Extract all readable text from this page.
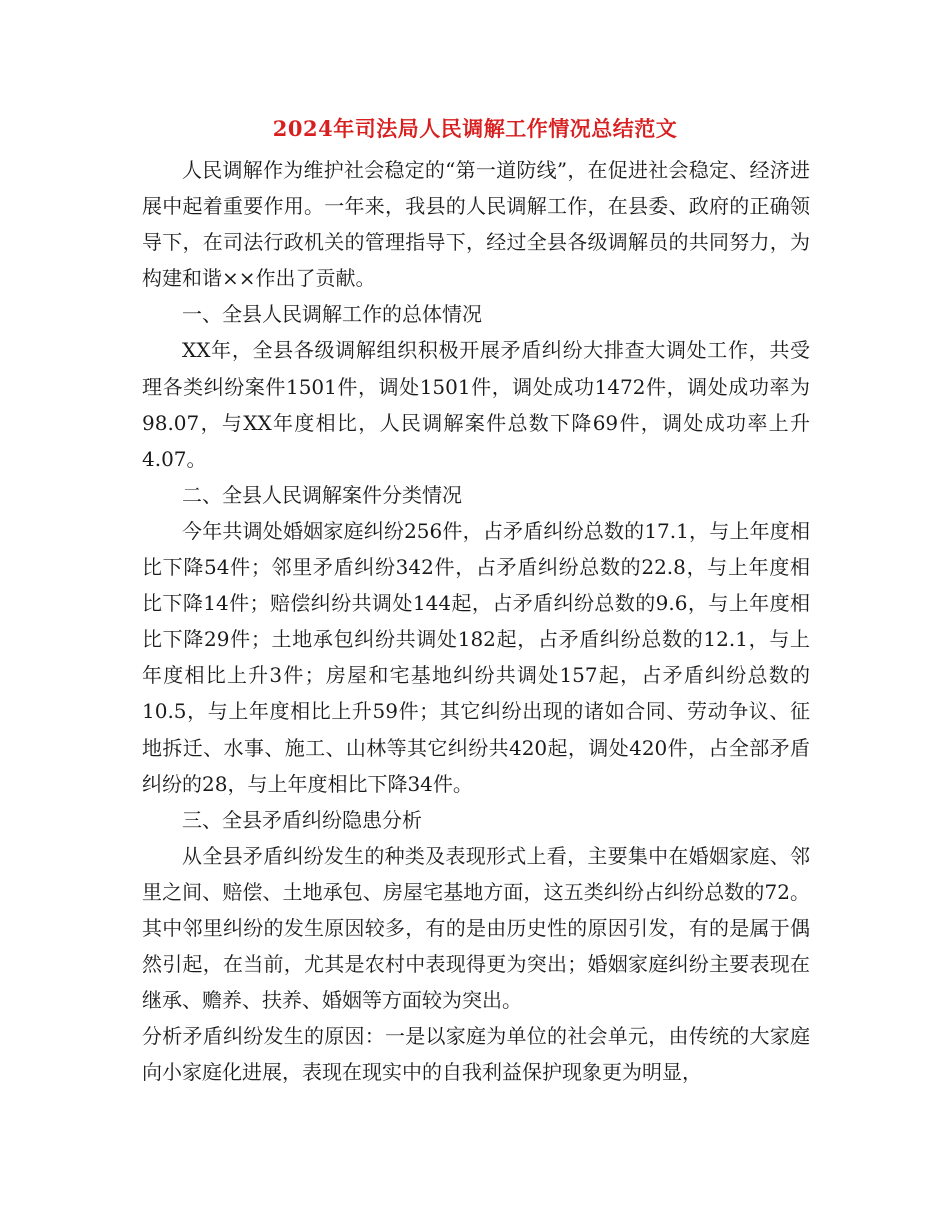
2024年司法局人民调解工作情况总结范文

人民调解作为维护社会稳定的“第一道防线”，在促进社会稳定、经济进展中起着重要作用。一年来，我县的人民调解工作，在县委、政府的正确领导下，在司法行政机关的管理指导下，经过全县各级调解员的共同努力，为构建和谐××作出了贡献。

一、全县人民调解工作的总体情况

XX年，全县各级调解组织积极开展矛盾纠纷大排查大调处工作，共受理各类纠纷案件1501件，调处1501件，调处成功1472件，调处成功率为98.07，与XX年度相比，人民调解案件总数下降69件，调处成功率上升4.07。

二、全县人民调解案件分类情况

今年共调处婚姻家庭纠纷256件，占矛盾纠纷总数的17.1，与上年度相比下降54件；邻里矛盾纠纷342件，占矛盾纠纷总数的22.8，与上年度相比下降14件；赔偿纠纷共调处144起，占矛盾纠纷总数的9.6，与上年度相比下降29件；土地承包纠纷共调处182起，占矛盾纠纷总数的12.1，与上年度相比上升3件；房屋和宅基地纠纷共调处157起，占矛盾纠纷总数的10.5，与上年度相比上升59件；其它纠纷出现的诸如合同、劳动争议、征地拆迁、水事、施工、山林等其它纠纷共420起，调处420件，占全部矛盾纠纷的28，与上年度相比下降34件。

三、全县矛盾纠纷隐患分析

从全县矛盾纠纷发生的种类及表现形式上看，主要集中在婚姻家庭、邻里之间、赔偿、土地承包、房屋宅基地方面，这五类纠纷占纠纷总数的72。其中邻里纠纷的发生原因较多，有的是由历史性的原因引发，有的是属于偶然引起，在当前，尤其是农村中表现得更为突出；婚姻家庭纠纷主要表现在继承、赡养、扶养、婚姻等方面较为突出。

分析矛盾纠纷发生的原因：一是以家庭为单位的社会单元，由传统的大家庭向小家庭化进展，表现在现实中的自我利益保护现象更为明显，
